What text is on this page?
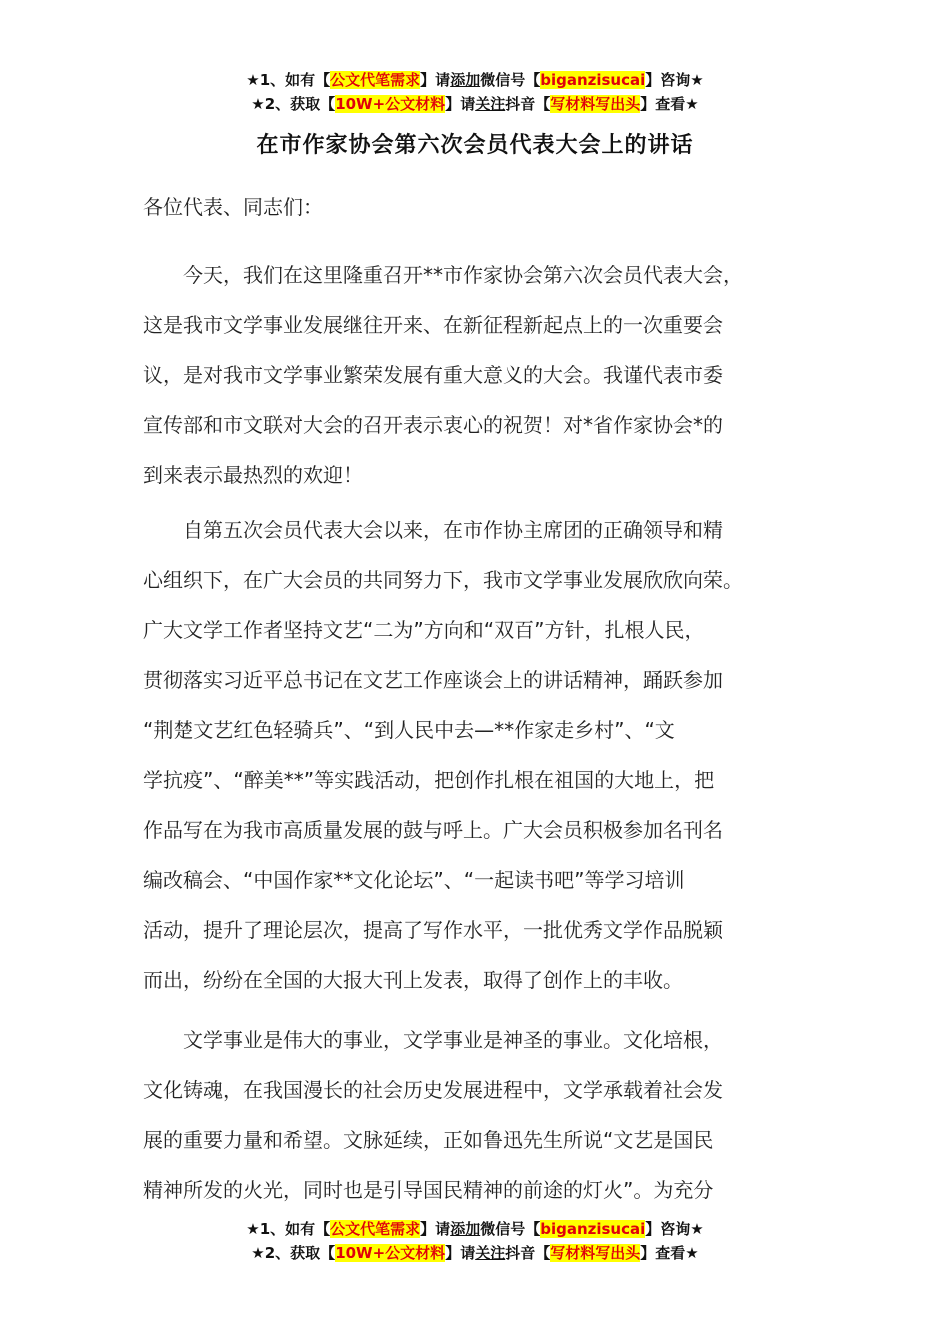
★1、如有【公文代笔需求】请添加微信号【biganzisucai】咨询★
★2、获取【10W+公文材料】请关注抖音【写材料写出头】查看★
在市作家协会第六次会员代表大会上的讲话
各位代表、同志们：
今天，我们在这里隆重召开**市作家协会第六次会员代表大会，
这是我市文学事业发展继往开来、在新征程新起点上的一次重要会
议，是对我市文学事业繁荣发展有重大意义的大会。我谨代表市委
宣传部和市文联对大会的召开表示衷心的祝贺！对*省作家协会*的
到来表示最热烈的欢迎！
自第五次会员代表大会以来，在市作协主席团的正确领导和精
心组织下，在广大会员的共同努力下，我市文学事业发展欣欣向荣。
广大文学工作者坚持文艺“二为”方向和“双百”方针，扎根人民，
贯彻落实习近平总书记在文艺工作座谈会上的讲话精神，踊跃参加
“荆楚文艺红色轻骑兵”、“到人民中去—**作家走乡村”、“文
学抗疫”、“醉美**”等实践活动，把创作扎根在祖国的大地上，把
作品写在为我市高质量发展的鼓与呼上。广大会员积极参加名刊名
编改稿会、“中国作家**文化论坛”、“一起读书吧”等学习培训
活动，提升了理论层次，提高了写作水平，一批优秀文学作品脱颖
而出，纷纷在全国的大报大刊上发表，取得了创作上的丰收。
文学事业是伟大的事业，文学事业是神圣的事业。文化培根，
文化铸魂，在我国漫长的社会历史发展进程中，文学承载着社会发
展的重要力量和希望。文脉延续，正如鲁迅先生所说“文艺是国民
精神所发的火光，同时也是引导国民精神的前途的灯火”。为充分
★1、如有【公文代笔需求】请添加微信号【biganzisucai】咨询★
★2、获取【10W+公文材料】请关注抖音【写材料写出头】查看★
